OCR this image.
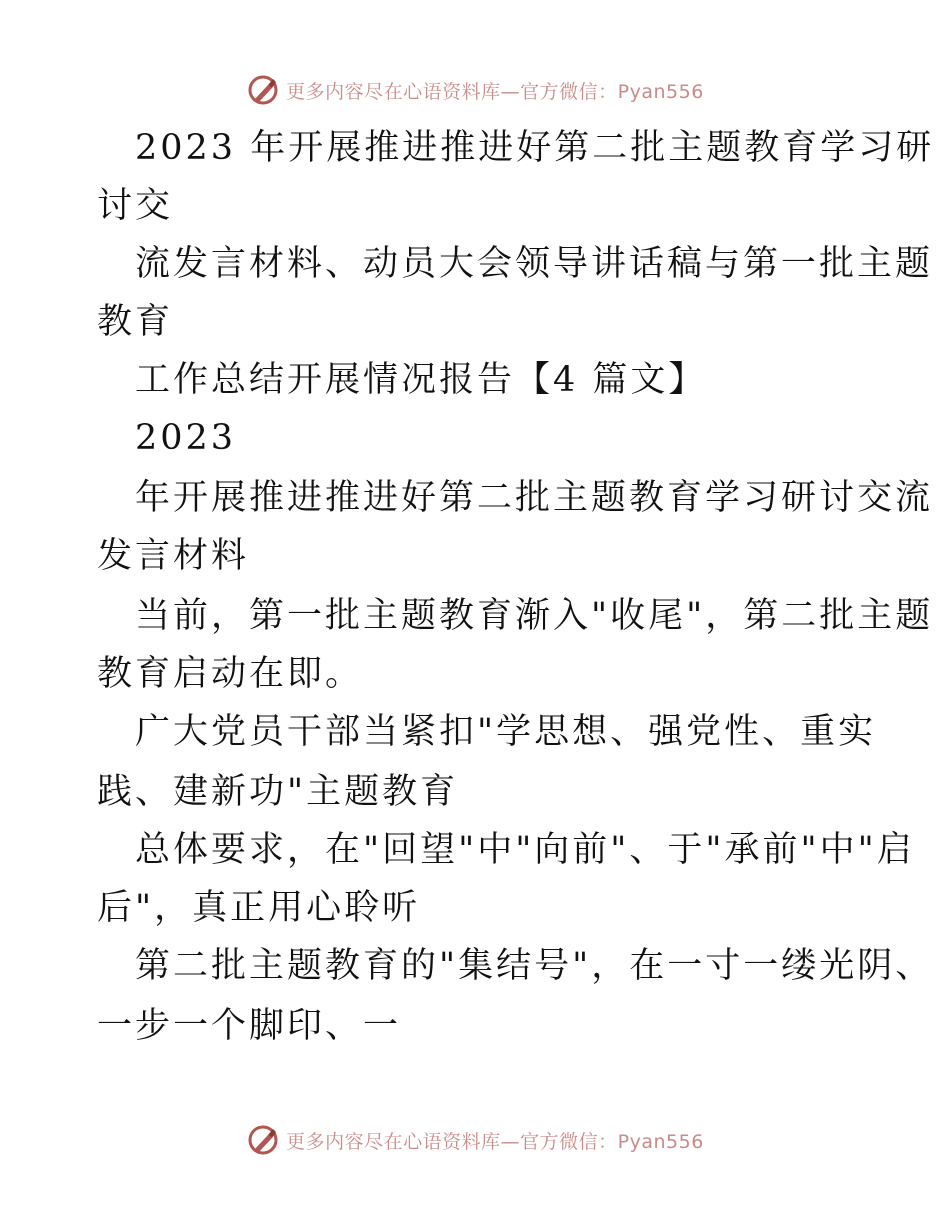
更多内容尽在心语资料库—官方微信：Pyan556
2023 年开展推进推进好第二批主题教育学习研
讨交
流发言材料、动员大会领导讲话稿与第一批主题
教育
工作总结开展情况报告【4 篇文】
2023
年开展推进推进好第二批主题教育学习研讨交流
发言材料
当前，第一批主题教育渐入"收尾"，第二批主题
教育启动在即。
广大党员干部当紧扣"学思想、强党性、重实
践、建新功"主题教育
总体要求，在"回望"中"向前"、于"承前"中"启
后"，真正用心聆听
第二批主题教育的"集结号"，在一寸一缕光阴、
一步一个脚印、一
更多内容尽在心语资料库—官方微信：Pyan556
